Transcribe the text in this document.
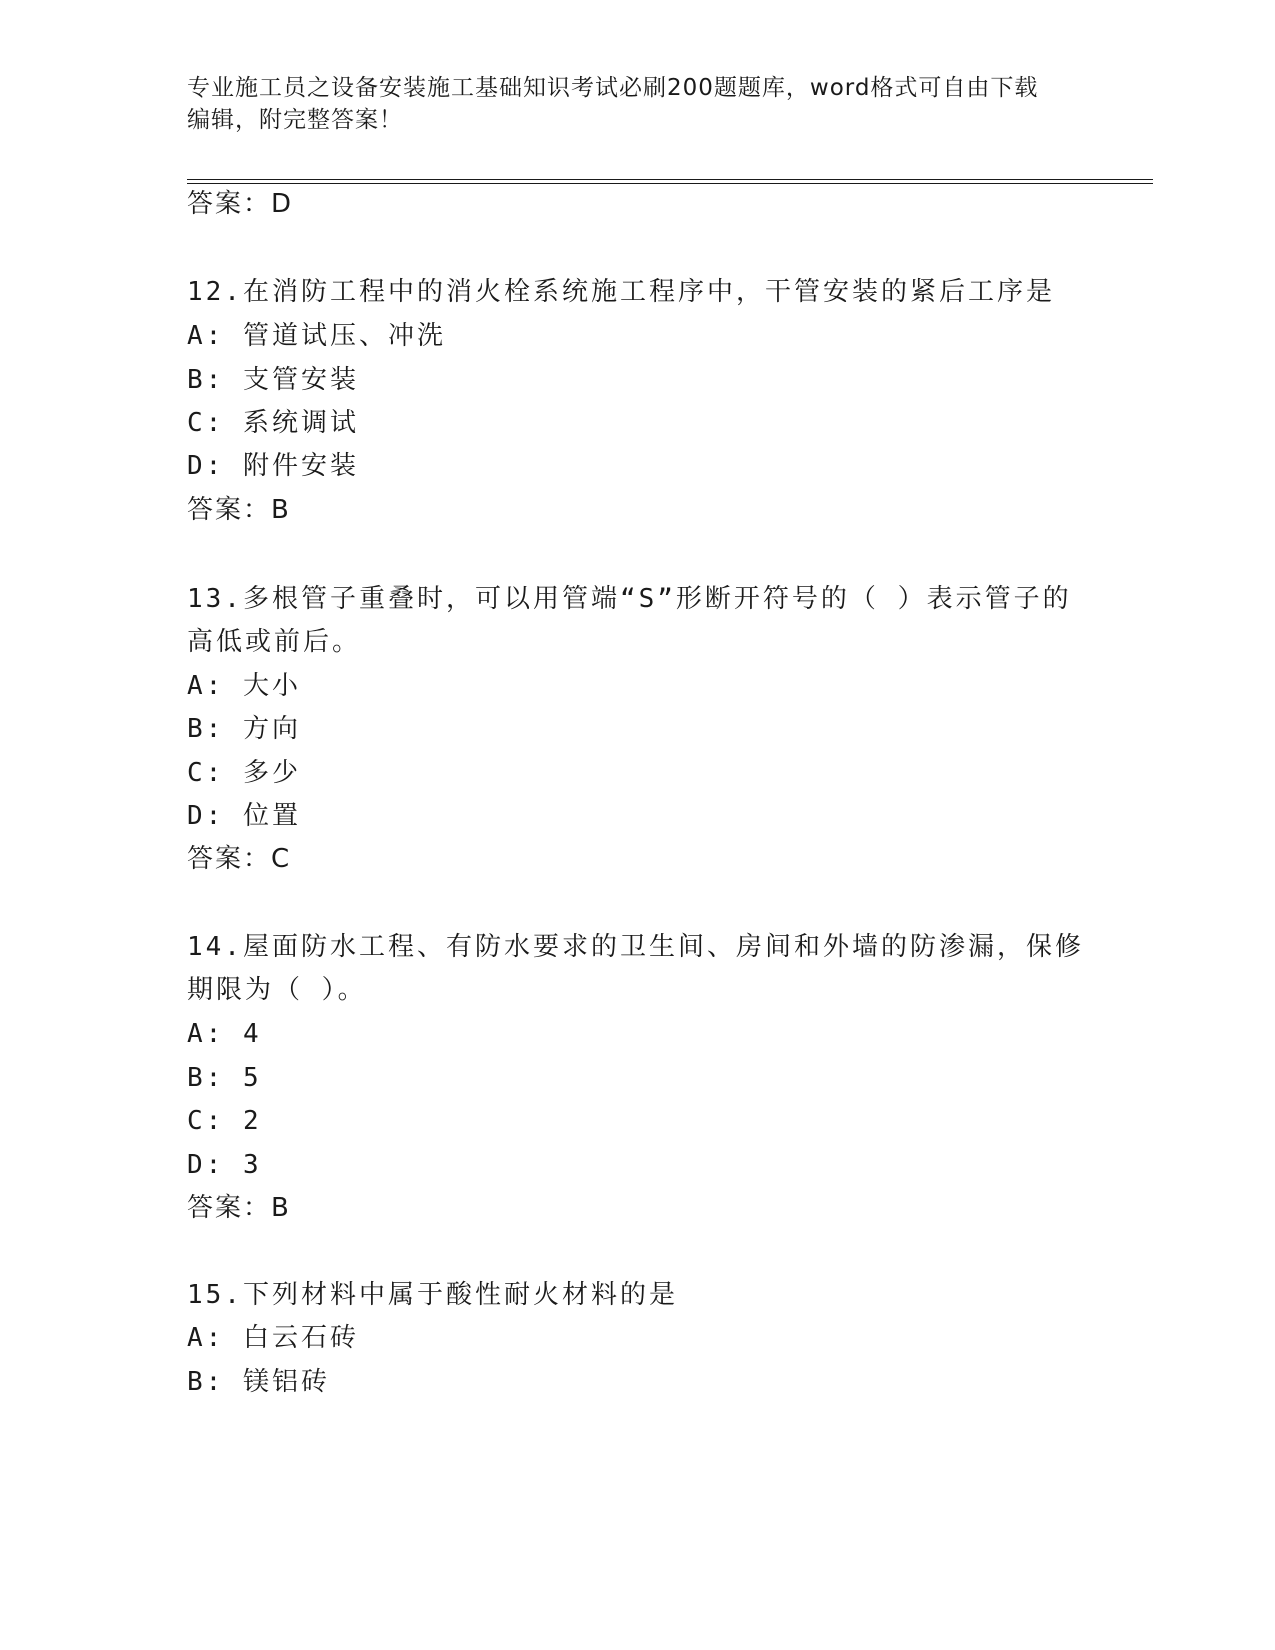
专业施工员之设备安装施工基础知识考试必刷200题题库，word格式可自由下载
编辑，附完整答案！
答案：D
12.在消防工程中的消火栓系统施工程序中，干管安装的紧后工序是
A: 管道试压、冲洗
B: 支管安装
C: 系统调试
D: 附件安装
答案：B
13.多根管子重叠时，可以用管端“S”形断开符号的（ ）表示管子的
高低或前后。
A: 大小
B: 方向
C: 多少
D: 位置
答案：C
14.屋面防水工程、有防水要求的卫生间、房间和外墙的防渗漏，保修
期限为（ ）。
A: 4
B: 5
C: 2
D: 3
答案：B
15.下列材料中属于酸性耐火材料的是
A: 白云石砖
B: 镁铝砖
